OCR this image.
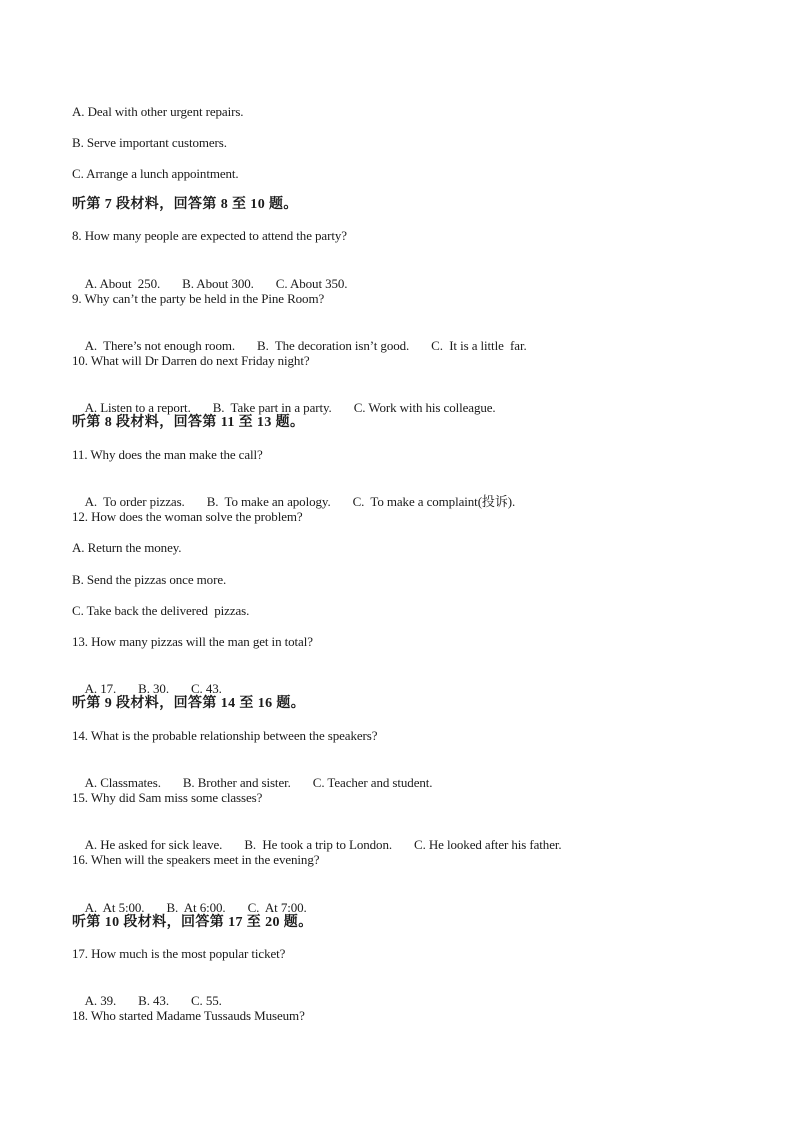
A. Deal with other urgent repairs.
B. Serve important customers.
C. Arrange a lunch appointment.
听第 7 段材料，回答第 8 至 10 题。
8. How many people are expected to attend the party?

A. About  250. B. About 300. C. About 350.

9. Why can’t the party be held in the Pine Room?

A.  There’s not enough room. B.  The decoration isn’t good. C.  It is a little  far.

10. What will Dr Darren do next Friday night?

A. Listen to a report. B.  Take part in a party. C. Work with his colleague.

听第 8 段材料，回答第 11 至 13 题。
11. Why does the man make the call?

A.  To order pizzas. B.  To make an apology. C.  To make a complaint(投诉).

12. How does the woman solve the problem?
A. Return the money.
B. Send the pizzas once more.
C. Take back the delivered  pizzas.
13. How many pizzas will the man get in total?

A. 17. B. 30. C. 43.

听第 9 段材料，回答第 14 至 16 题。
14. What is the probable relationship between the speakers?

A. Classmates. B. Brother and sister. C. Teacher and student.

15. Why did Sam miss some classes?

A. He asked for sick leave. B.  He took a trip to London. C. He looked after his father.

16. When will the speakers meet in the evening?

A.  At 5:00. B.  At 6:00. C.  At 7:00.

听第 10 段材料，回答第 17 至 20 题。
17. How much is the most popular ticket?

A. 39. B. 43. C. 55.

18. Who started Madame Tussauds Museum?
